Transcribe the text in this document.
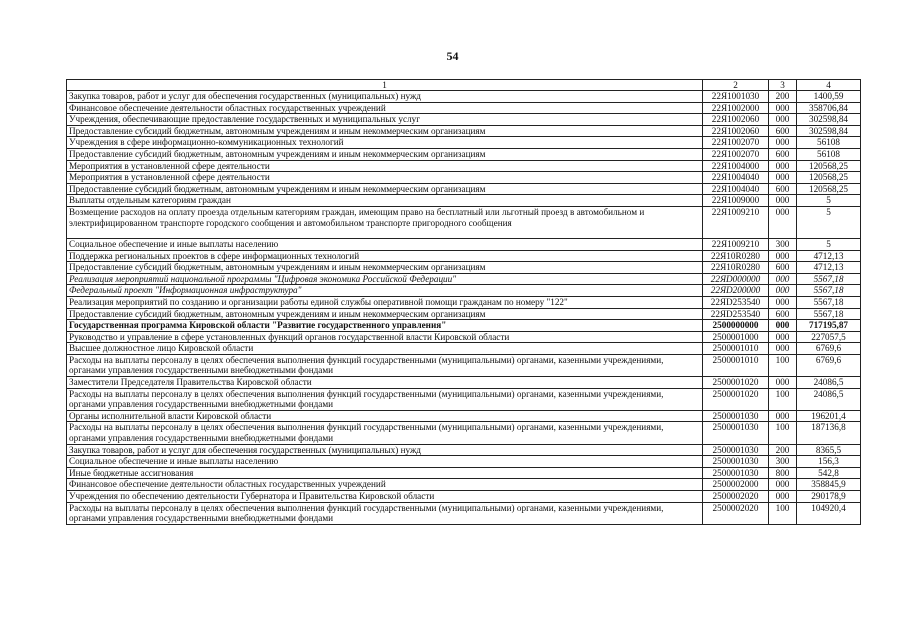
54
1	2	3	4
Закупка товаров, работ и услуг для обеспечения государственных (муниципальных) нужд	22Я1001030	200	1400,59
Финансовое обеспечение деятельности областных государственных учреждений	22Я1002000	000	358706,84
Учреждения, обеспечивающие предоставление государственных и муниципальных услуг	22Я1002060	000	302598,84
Предоставление субсидий бюджетным, автономным учреждениям и иным некоммерческим организациям	22Я1002060	600	302598,84
Учреждения в сфере информационно-коммуникационных технологий	22Я1002070	000	56108
Предоставление субсидий бюджетным, автономным учреждениям и иным некоммерческим организациям	22Я1002070	600	56108
Мероприятия в установленной сфере деятельности	22Я1004000	000	120568,25
Мероприятия в установленной сфере деятельности	22Я1004040	000	120568,25
Предоставление субсидий бюджетным, автономным учреждениям и иным некоммерческим организациям	22Я1004040	600	120568,25
Выплаты отдельным категориям граждан	22Я1009000	000	5
Возмещение расходов на оплату проезда отдельным категориям граждан, имеющим право на бесплатный или льготный проезд в автомобильном и электрифицированном транспорте городского сообщения и автомобильном транспорте пригородного сообщения	22Я1009210	000	5
Социальное обеспечение и иные выплаты населению	22Я1009210	300	5
Поддержка региональных проектов в сфере информационных технологий	22Я10R0280	000	4712,13
Предоставление субсидий бюджетным, автономным учреждениям и иным некоммерческим организациям	22Я10R0280	600	4712,13
Реализация мероприятий национальной программы "Цифровая экономика Российской Федерации"	22ЯD000000	000	5567,18
Федеральный проект "Информационная инфраструктура"	22ЯD200000	000	5567,18
Реализация мероприятий по созданию и организации работы единой службы оперативной помощи гражданам по номеру "122"	22ЯD253540	000	5567,18
Предоставление субсидий бюджетным, автономным учреждениям и иным некоммерческим организациям	22ЯD253540	600	5567,18
Государственная программа Кировской области "Развитие государственного управления"	2500000000	000	717195,87
Руководство и управление в сфере установленных функций органов государственной власти Кировской области	2500001000	000	227057,5
Высшее должностное лицо Кировской области	2500001010	000	6769,6
Расходы на выплаты персоналу в целях обеспечения выполнения функций государственными (муниципальными) органами, казенными учреждениями, органами управления государственными внебюджетными фондами	2500001010	100	6769,6
Заместители Председателя Правительства Кировской области	2500001020	000	24086,5
Расходы на выплаты персоналу в целях обеспечения выполнения функций государственными (муниципальными) органами, казенными учреждениями, органами управления государственными внебюджетными фондами	2500001020	100	24086,5
Органы исполнительной власти Кировской области	2500001030	000	196201,4
Расходы на выплаты персоналу в целях обеспечения выполнения функций государственными (муниципальными) органами, казенными учреждениями, органами управления государственными внебюджетными фондами	2500001030	100	187136,8
Закупка товаров, работ и услуг для обеспечения государственных (муниципальных) нужд	2500001030	200	8365,5
Социальное обеспечение и иные выплаты населению	2500001030	300	156,3
Иные бюджетные ассигнования	2500001030	800	542,8
Финансовое обеспечение деятельности областных государственных учреждений	2500002000	000	358845,9
Учреждения по обеспечению деятельности Губернатора и Правительства Кировской области	2500002020	000	290178,9
Расходы на выплаты персоналу в целях обеспечения выполнения функций государственными (муниципальными) органами, казенными учреждениями, органами управления государственными внебюджетными фондами	2500002020	100	104920,4
